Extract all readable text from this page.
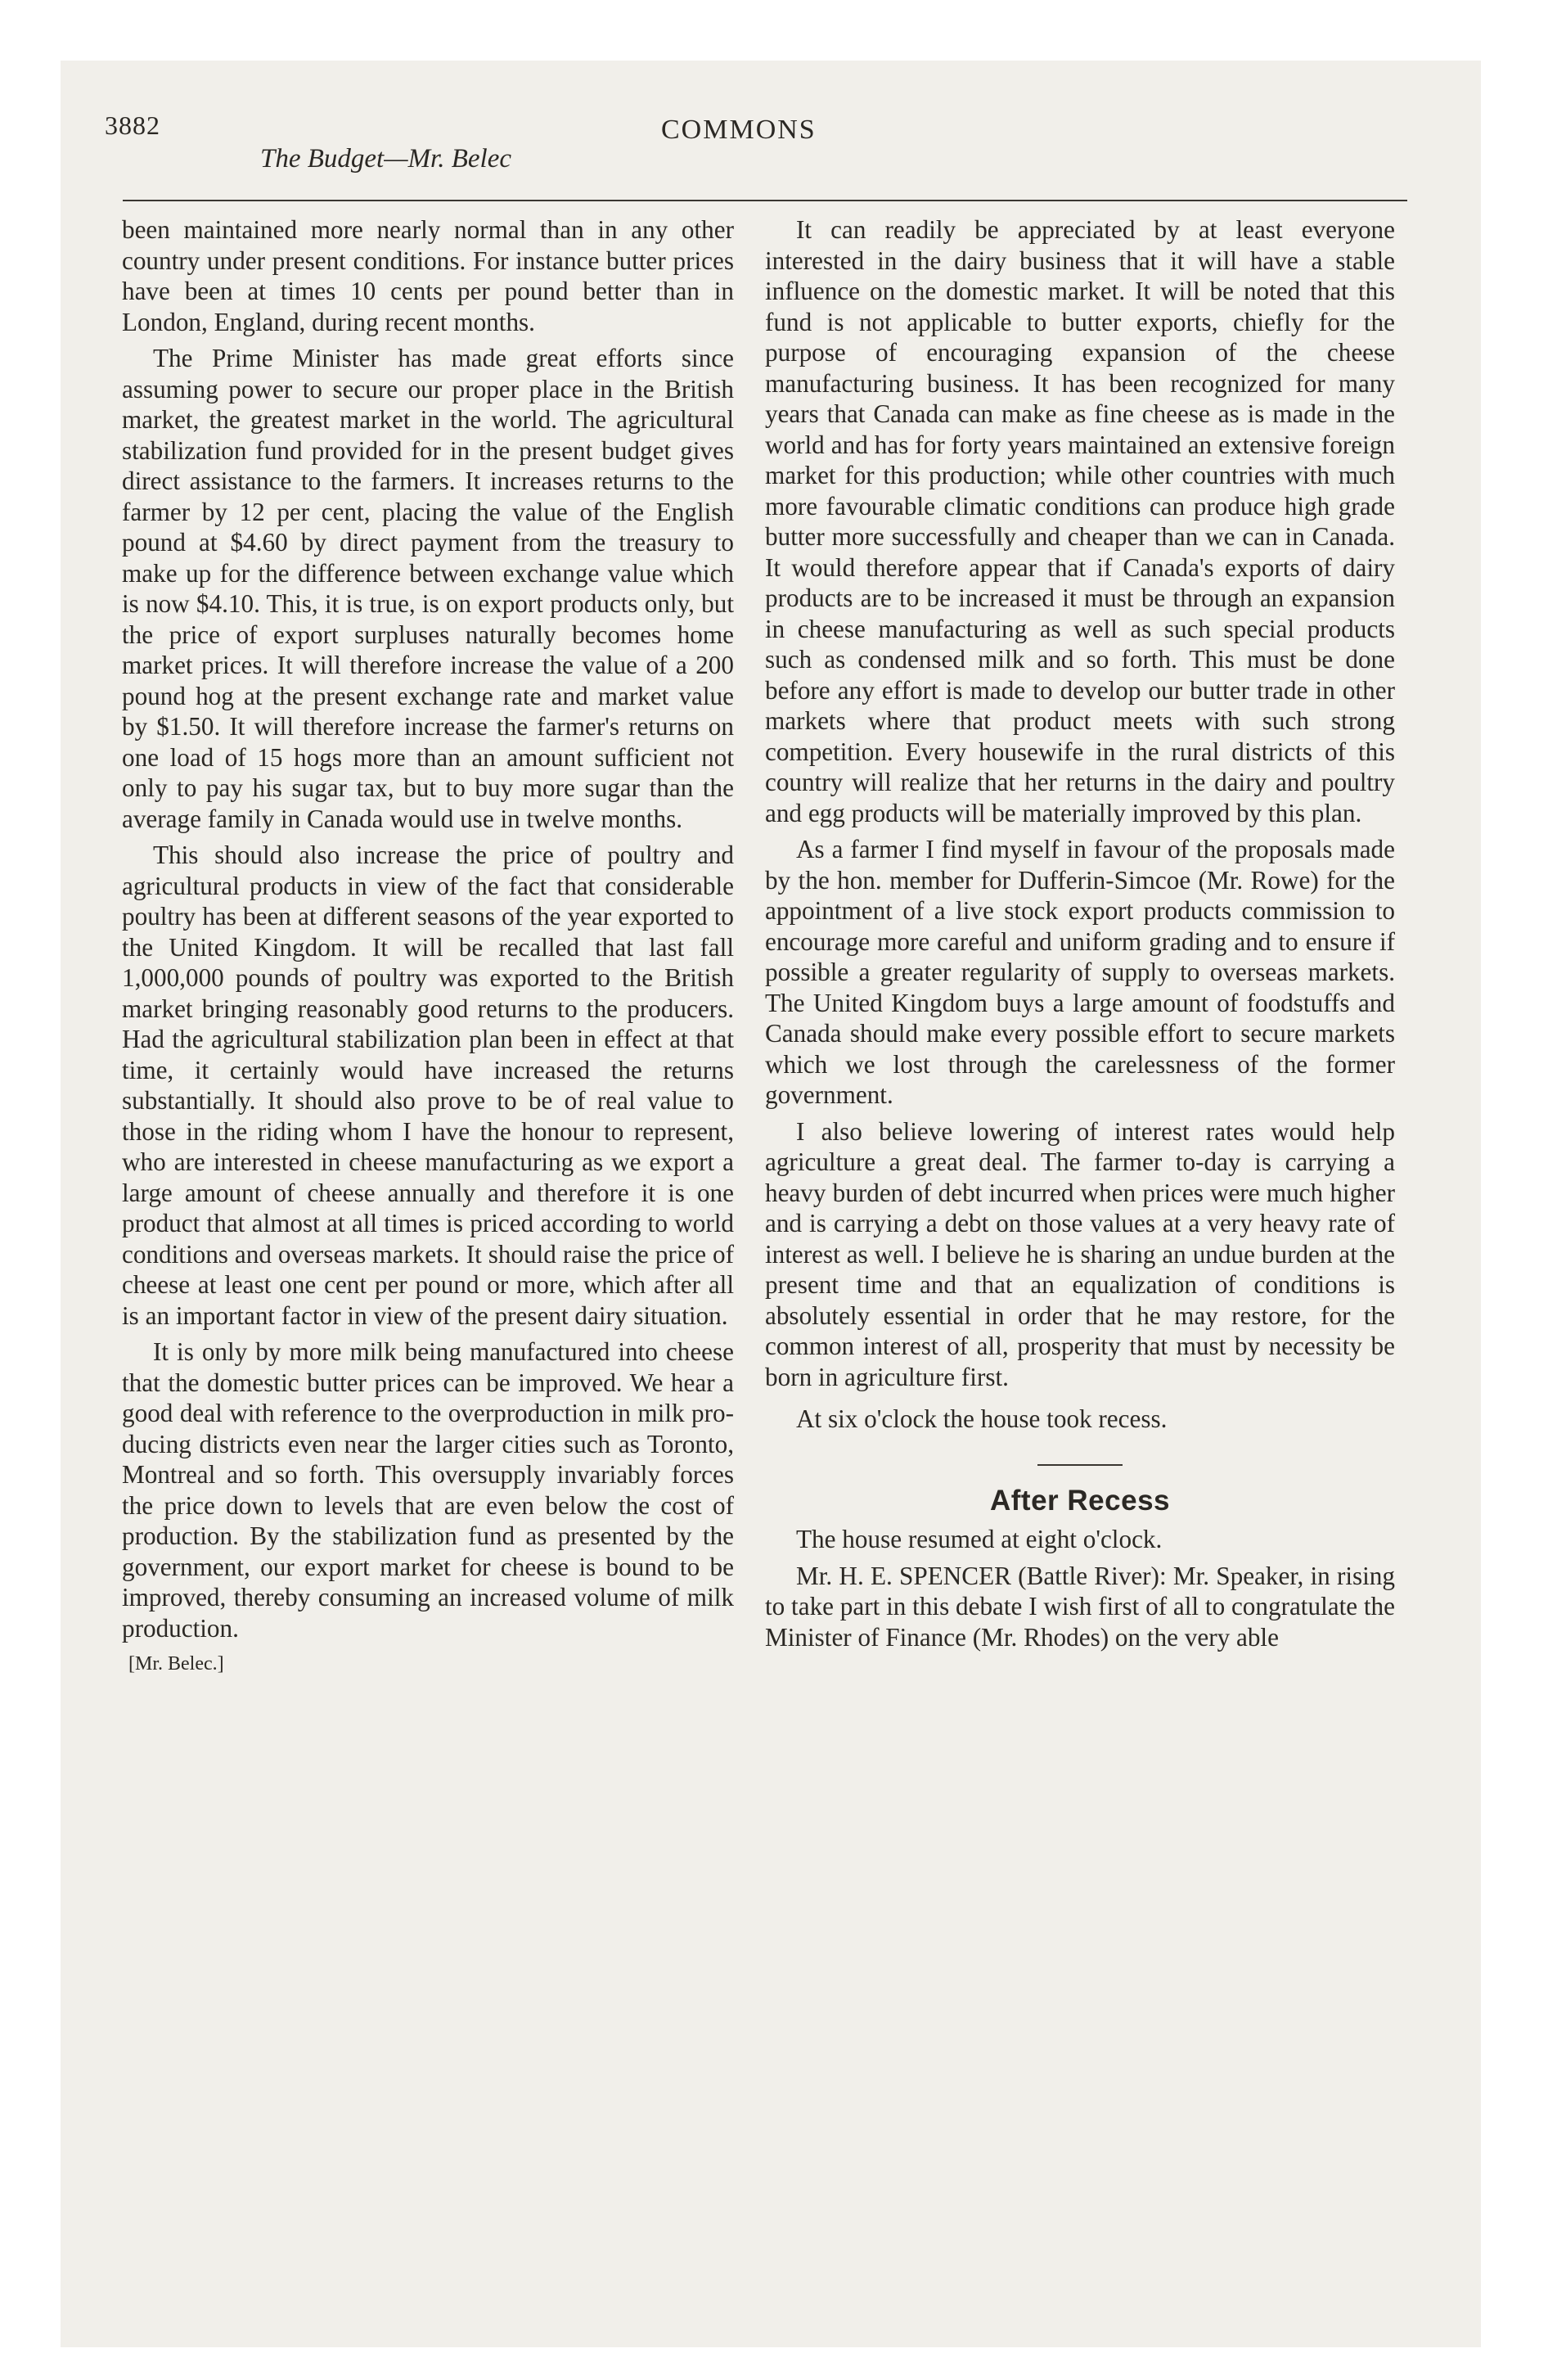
3882	COMMONS
The Budget—Mr. Belec

been maintained more nearly normal than in any other country under present conditions. For instance butter prices have been at times 10 cents per pound better than in London, England, during recent months.

The Prime Minister has made great efforts since assuming power to secure our proper place in the British market, the greatest market in the world. The agricultural stabilization fund provided for in the present budget gives direct assistance to the farmers. It increases returns to the farmer by 12 per cent, placing the value of the English pound at $4.60 by direct payment from the treasury to make up for the difference between exchange value which is now $4.10. This, it is true, is on export products only, but the price of export surpluses naturally becomes home market prices. It will therefore increase the value of a 200 pound hog at the present exchange rate and market value by $1.50. It will therefore increase the farmer's returns on one load of 15 hogs more than an amount sufficient not only to pay his sugar tax, but to buy more sugar than the average family in Canada would use in twelve months.

This should also increase the price of poultry and agricultural products in view of the fact that considerable poultry has been at different seasons of the year exported to the United Kingdom. It will be recalled that last fall 1,000,000 pounds of poultry was exported to the British market bringing reasonably good returns to the producers. Had the agricultural stabilization plan been in effect at that time, it certainly would have increased the returns substantially. It should also prove to be of real value to those in the riding whom I have the honour to represent, who are interested in cheese manufacturing as we export a large amount of cheese annually and therefore it is one product that almost at all times is priced according to world conditions and overseas markets. It should raise the price of cheese at least one cent per pound or more, which after all is an important factor in view of the present dairy situation.

It is only by more milk being manufactured into cheese that the domestic butter prices can be improved. We hear a good deal with reference to the overproduction in milk producing districts even near the larger cities such as Toronto, Montreal and so forth. This oversupply invariably forces the price down to levels that are even below the cost of production. By the stabilization fund as presented by the government, our export market for cheese is bound to be improved, thereby consuming an increased volume of milk production.

[Mr. Belec.]

It can readily be appreciated by at least everyone interested in the dairy business that it will have a stable influence on the domestic market. It will be noted that this fund is not applicable to butter exports, chiefly for the purpose of encouraging expansion of the cheese manufacturing business. It has been recognized for many years that Canada can make as fine cheese as is made in the world and has for forty years maintained an extensive foreign market for this production; while other countries with much more favourable climatic conditions can produce high grade butter more successfully and cheaper than we can in Canada. It would therefore appear that if Canada's exports of dairy products are to be increased it must be through an expansion in cheese manufacturing as well as such special products such as condensed milk and so forth. This must be done before any effort is made to develop our butter trade in other markets where that product meets with such strong competition. Every housewife in the rural districts of this country will realize that her returns in the dairy and poultry and egg products will be materially improved by this plan.

As a farmer I find myself in favour of the proposals made by the hon. member for Dufferin-Simcoe (Mr. Rowe) for the appointment of a live stock export products commission to encourage more careful and uniform grading and to ensure if possible a greater regularity of supply to overseas markets. The United Kingdom buys a large amount of foodstuffs and Canada should make every possible effort to secure markets which we lost through the carelessness of the former government.

I also believe lowering of interest rates would help agriculture a great deal. The farmer to-day is carrying a heavy burden of debt incurred when prices were much higher and is carrying a debt on those values at a very heavy rate of interest as well. I believe he is sharing an undue burden at the present time and that an equalization of conditions is absolutely essential in order that he may restore, for the common interest of all, prosperity that must by necessity be born in agriculture first.

At six o'clock the house took recess.

After Recess

The house resumed at eight o'clock.

Mr. H. E. SPENCER (Battle River): Mr. Speaker, in rising to take part in this debate I wish first of all to congratulate the Minister of Finance (Mr. Rhodes) on the very able
